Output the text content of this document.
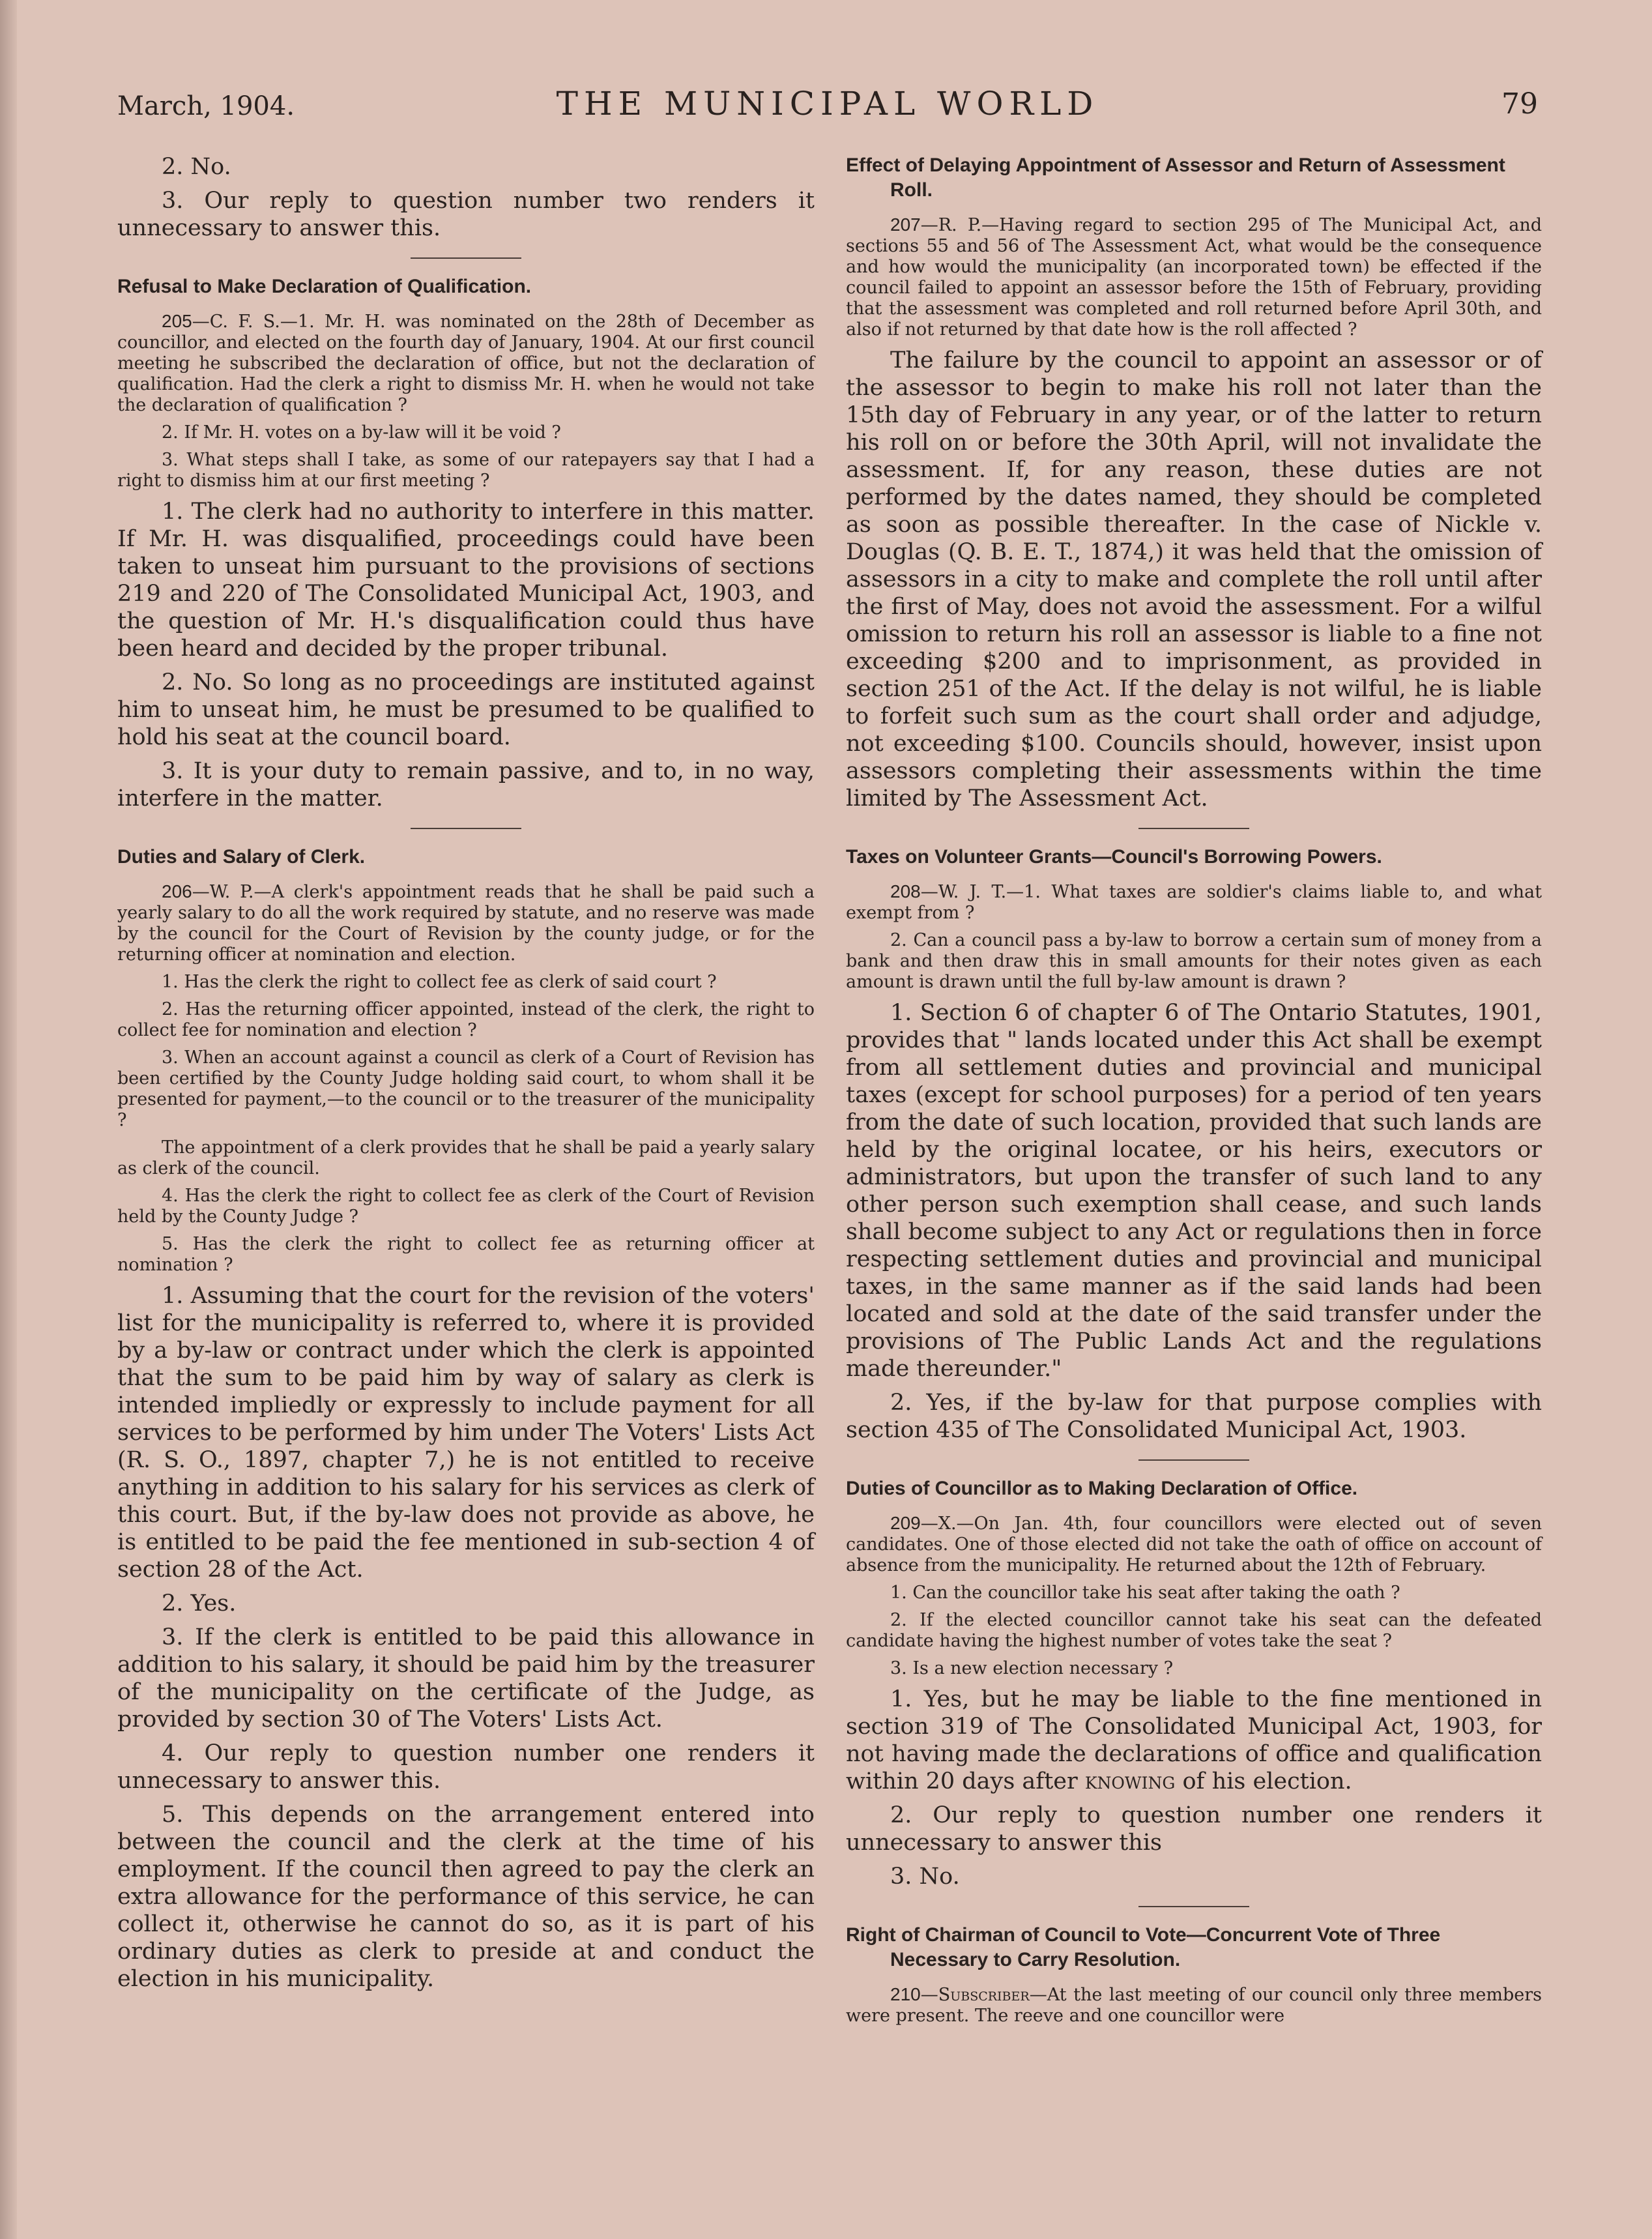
March, 1904.	THE MUNICIPAL WORLD	79

2. No.

3. Our reply to question number two renders it unnecessary to answer this.

Refusal to Make Declaration of Qualification.

205—C. F. S.—1. Mr. H. was nominated on the 28th of December as councillor, and elected on the fourth day of January, 1904. At our first council meeting he subscribed the declaration of office, but not the declaration of qualification. Had the clerk a right to dismiss Mr. H. when he would not take the declaration of qualification ?

2. If Mr. H. votes on a by-law will it be void ?

3. What steps shall I take, as some of our ratepayers say that I had a right to dismiss him at our first meeting ?

1. The clerk had no authority to interfere in this matter. If Mr. H. was disqualified, proceedings could have been taken to unseat him pursuant to the provisions of sections 219 and 220 of The Consolidated Municipal Act, 1903, and the question of Mr. H.'s disqualification could thus have been heard and decided by the proper tribunal.

2. No. So long as no proceedings are instituted against him to unseat him, he must be presumed to be qualified to hold his seat at the council board.

3. It is your duty to remain passive, and to, in no way, interfere in the matter.

Duties and Salary of Clerk.

206—W. P.—A clerk's appointment reads that he shall be paid such a yearly salary to do all the work required by statute, and no reserve was made by the council for the Court of Revision by the county judge, or for the returning officer at nomination and election.

1. Has the clerk the right to collect fee as clerk of said court ?

2. Has the returning officer appointed, instead of the clerk, the right to collect fee for nomination and election ?

3. When an account against a council as clerk of a Court of Revision has been certified by the County Judge holding said court, to whom shall it be presented for payment,—to the council or to the treasurer of the municipality ?

The appointment of a clerk provides that he shall be paid a yearly salary as clerk of the council.

4. Has the clerk the right to collect fee as clerk of the Court of Revision held by the County Judge ?

5. Has the clerk the right to collect fee as returning officer at nomination ?

1. Assuming that the court for the revision of the voters' list for the municipality is referred to, where it is provided by a by-law or contract under which the clerk is appointed that the sum to be paid him by way of salary as clerk is intended impliedly or expressly to include payment for all services to be performed by him under The Voters' Lists Act (R. S. O., 1897, chapter 7,) he is not entitled to receive anything in addition to his salary for his services as clerk of this court. But, if the by-law does not provide as above, he is entitled to be paid the fee mentioned in sub-section 4 of section 28 of the Act.

2. Yes.

3. If the clerk is entitled to be paid this allowance in addition to his salary, it should be paid him by the treasurer of the municipality on the certificate of the Judge, as provided by section 30 of The Voters' Lists Act.

4. Our reply to question number one renders it unnecessary to answer this.

5. This depends on the arrangement entered into between the council and the clerk at the time of his employment. If the council then agreed to pay the clerk an extra allowance for the performance of this service, he can collect it, otherwise he cannot do so, as it is part of his ordinary duties as clerk to preside at and conduct the election in his municipality.

Effect of Delaying Appointment of Assessor and Return of Assessment Roll.

207—R. P.—Having regard to section 295 of The Municipal Act, and sections 55 and 56 of The Assessment Act, what would be the consequence and how would the municipality (an incorporated town) be effected if the council failed to appoint an assessor before the 15th of February, providing that the assessment was completed and roll returned before April 30th, and also if not returned by that date how is the roll affected ?

The failure by the council to appoint an assessor or of the assessor to begin to make his roll not later than the 15th day of February in any year, or of the latter to return his roll on or before the 30th April, will not invalidate the assessment. If, for any reason, these duties are not performed by the dates named, they should be completed as soon as possible thereafter. In the case of Nickle v. Douglas (Q. B. E. T., 1874,) it was held that the omission of assessors in a city to make and complete the roll until after the first of May, does not avoid the assessment. For a wilful omission to return his roll an assessor is liable to a fine not exceeding $200 and to imprisonment, as provided in section 251 of the Act. If the delay is not wilful, he is liable to forfeit such sum as the court shall order and adjudge, not exceeding $100. Councils should, however, insist upon assessors completing their assessments within the time limited by The Assessment Act.

Taxes on Volunteer Grants—Council's Borrowing Powers.

208—W. J. T.—1. What taxes are soldier's claims liable to, and what exempt from ?

2. Can a council pass a by-law to borrow a certain sum of money from a bank and then draw this in small amounts for their notes given as each amount is drawn until the full by-law amount is drawn ?

1. Section 6 of chapter 6 of The Ontario Statutes, 1901, provides that " lands located under this Act shall be exempt from all settlement duties and provincial and municipal taxes (except for school purposes) for a period of ten years from the date of such location, provided that such lands are held by the original locatee, or his heirs, executors or administrators, but upon the transfer of such land to any other person such exemption shall cease, and such lands shall become subject to any Act or regulations then in force respecting settlement duties and provincial and municipal taxes, in the same manner as if the said lands had been located and sold at the date of the said transfer under the provisions of The Public Lands Act and the regulations made thereunder."

2. Yes, if the by-law for that purpose complies with section 435 of The Consolidated Municipal Act, 1903.

Duties of Councillor as to Making Declaration of Office.

209—X.—On Jan. 4th, four councillors were elected out of seven candidates. One of those elected did not take the oath of office on account of absence from the municipality. He returned about the 12th of February.

1. Can the councillor take his seat after taking the oath ?

2. If the elected councillor cannot take his seat can the defeated candidate having the highest number of votes take the seat ?

3. Is a new election necessary ?

1. Yes, but he may be liable to the fine mentioned in section 319 of The Consolidated Municipal Act, 1903, for not having made the declarations of office and qualification within 20 days after knowing of his election.

2. Our reply to question number one renders it unnecessary to answer this

3. No.

Right of Chairman of Council to Vote—Concurrent Vote of Three Necessary to Carry Resolution.

210—Subscriber—At the last meeting of our council only three members were present. The reeve and one councillor were
